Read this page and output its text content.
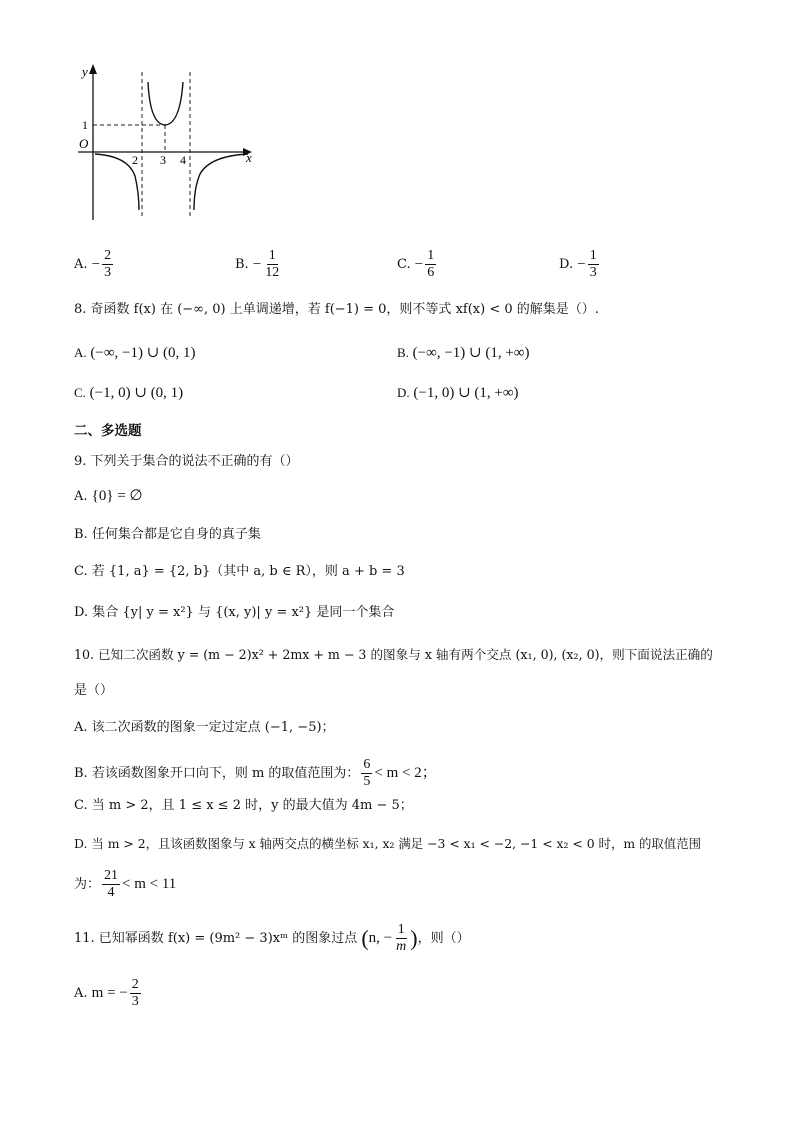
y
x
O
1
2 3 4
A. − $\frac{2}{3}$	B. − $\frac{1}{12}$	C. − $\frac{1}{6}$	D. − $\frac{1}{3}$
8. 奇函数 f(x) 在 (−∞, 0) 上单调递增，若 f(−1) = 0，则不等式 xf(x) < 0 的解集是（）.
A. (−∞, −1) ∪ (0, 1)	B. (−∞, −1) ∪ (1, +∞)
C. (−1, 0) ∪ (0, 1)	D. (−1, 0) ∪ (1, +∞)
二、多选题
9. 下列关于集合的说法不正确的有（）
A. {0} = ∅
B. 任何集合都是它自身的真子集
C. 若 {1, a} = {2, b}（其中 a, b ∈ R），则 a + b = 3
D. 集合 {y| y = x²} 与 {(x, y)| y = x²} 是同一个集合
10. 已知二次函数 y = (m − 2)x² + 2mx + m − 3 的图象与 x 轴有两个交点 (x₁, 0), (x₂, 0)，则下面说法正确的
是（）
A. 该二次函数的图象一定过定点 (−1, −5)；
B. 若该函数图象开口向下，则 m 的取值范围为： $\frac{6}{5} < m < 2$；
C. 当 m > 2，且 1 ≤ x ≤ 2 时，y 的最大值为 4m − 5；
D. 当 m > 2，且该函数图象与 x 轴两交点的横坐标 x₁, x₂ 满足 −3 < x₁ < −2, −1 < x₂ < 0 时，m 的取值范围
为： $\frac{21}{4} < m < 11$
11. 已知幂函数 f(x) = (9m² − 3)xᵐ 的图象过点 (n, − $\frac{1}{m}$ )，则（）
A. m = − $\frac{2}{3}$
